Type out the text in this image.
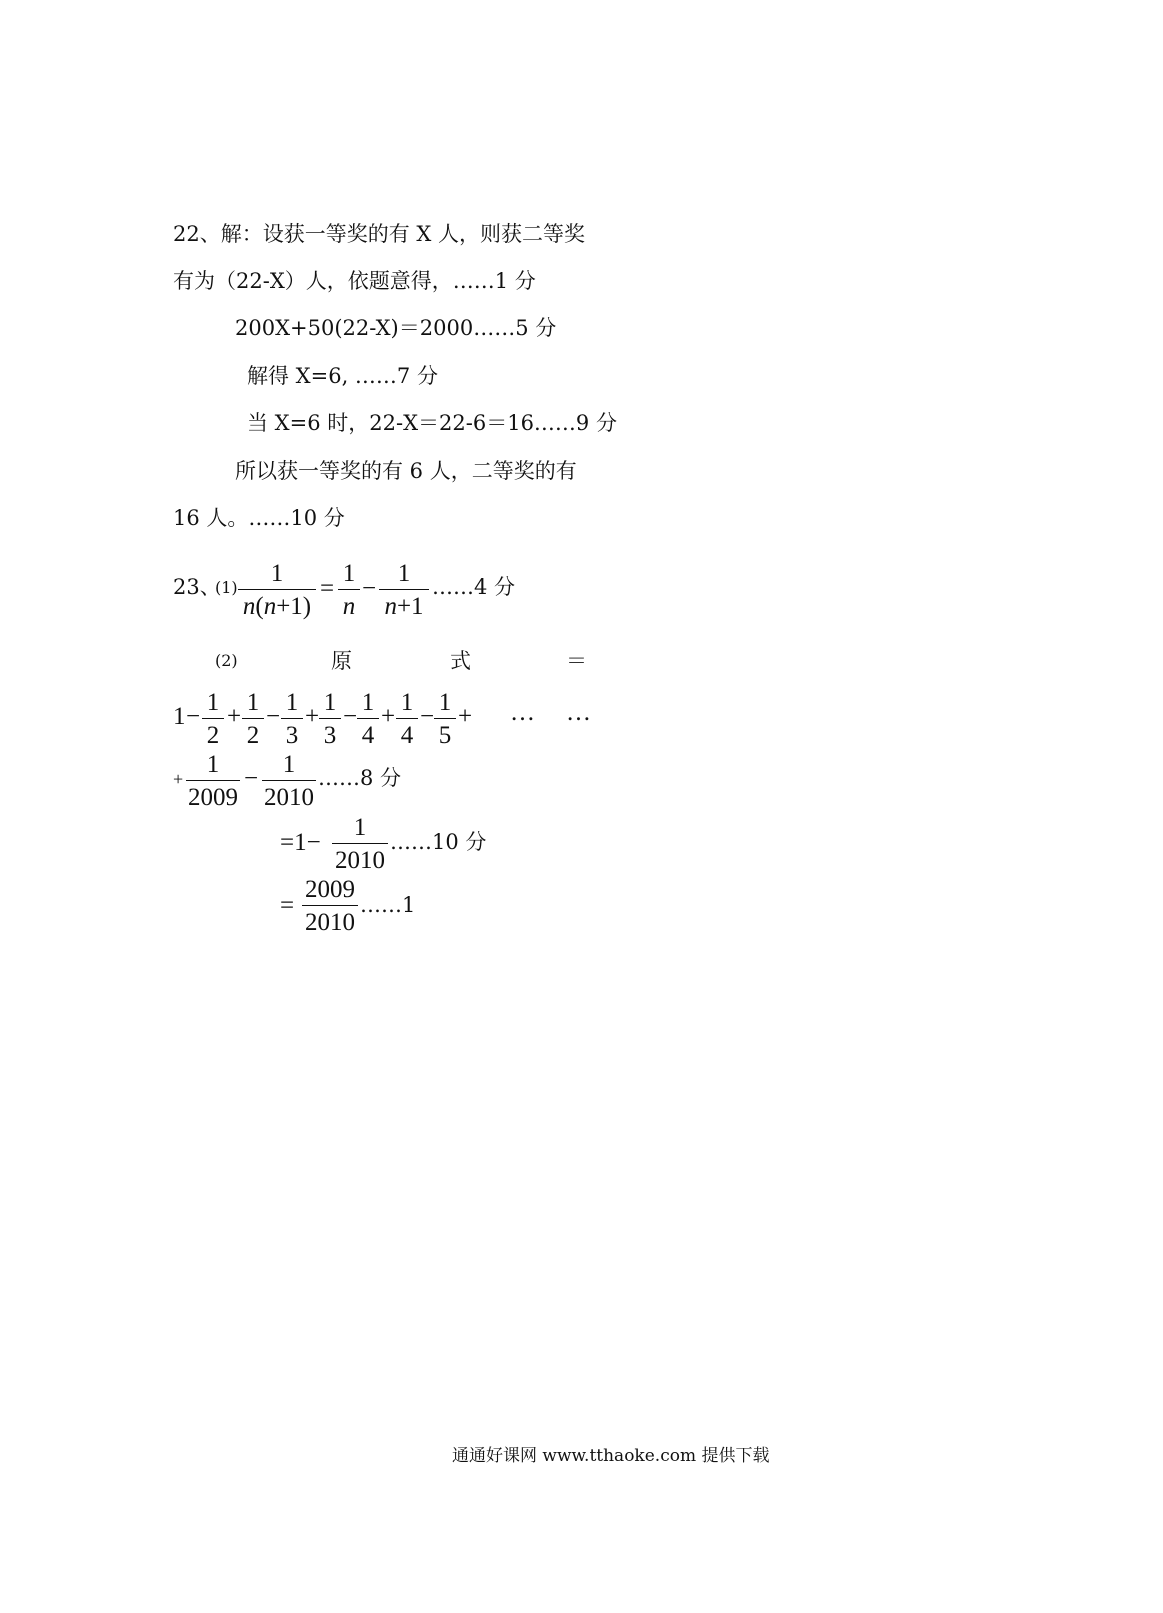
22、解：设获一等奖的有 X 人，则获二等奖
有为（22-X）人，依题意得，……1 分
200X+50(22-X)＝2000……5 分
解得 X=6, ……7 分
当 X=6 时，22-X＝22-6＝16……9 分
所以获一等奖的有 6 人，二等奖的有
16 人。……10 分
23、
$(1) \frac{1}{n(n+1)} = \frac{1}{n} - \frac{1}{n+1}$ ……4 分
(2)	原	式	＝
$1 - \frac{1}{2} + \frac{1}{2} - \frac{1}{3} + \frac{1}{3} - \frac{1}{4} + \frac{1}{4} - \frac{1}{5}$ + … …
+ $\frac{1}{2009} - \frac{1}{2010}$ ……8 分
$=1- \frac{1}{2010}$ ……10 分
= $\frac{2009}{2010}$ ……1
通通好课网 www.tthaoke.com 提供下载
